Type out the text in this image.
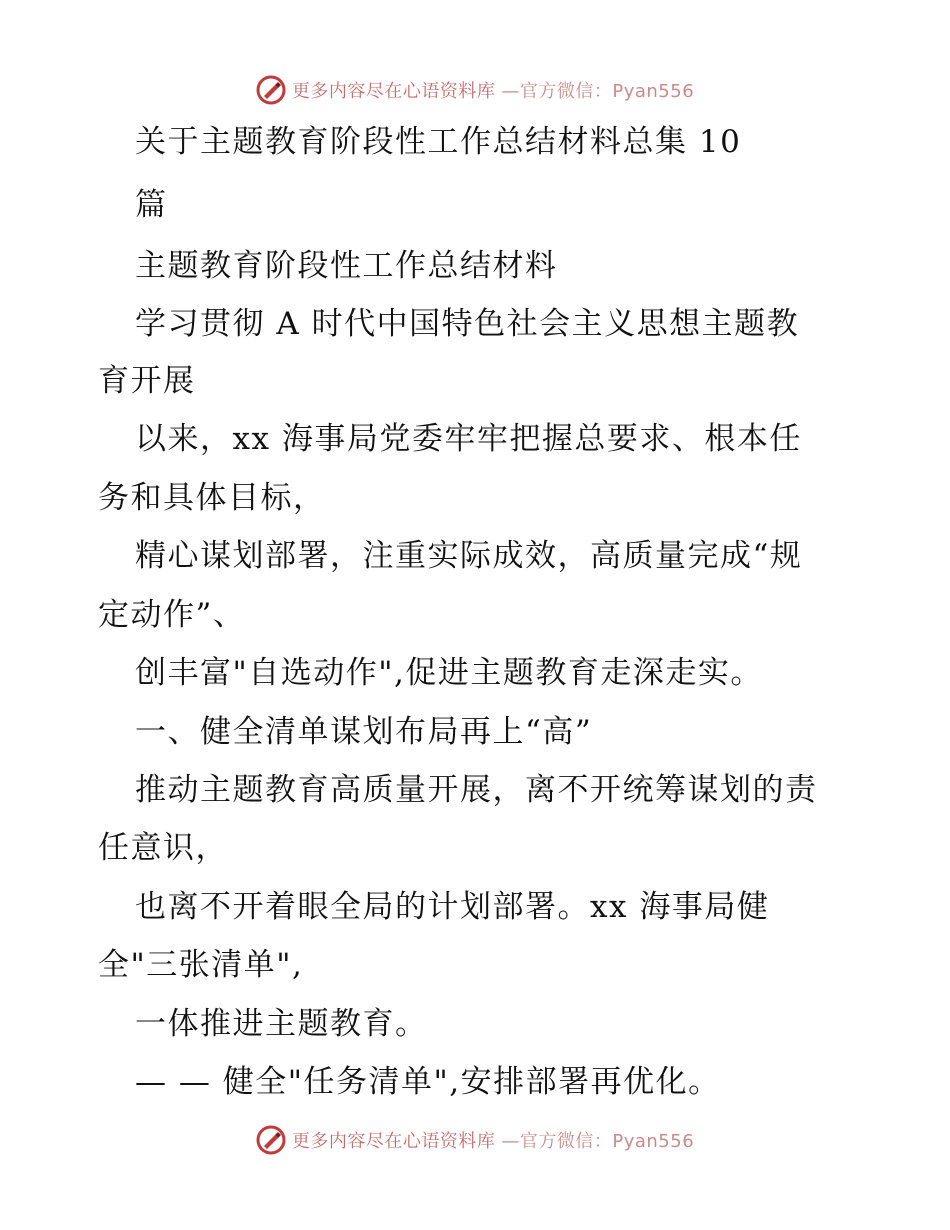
更多内容尽在心语资料库 —官方微信：Pyan556
关于主题教育阶段性工作总结材料总集 10
篇
主题教育阶段性工作总结材料
学习贯彻 A 时代中国特色社会主义思想主题教
育开展
以来，xx 海事局党委牢牢把握总要求、根本任
务和具体目标，
精心谋划部署，注重实际成效，高质量完成“规
定动作”、
创丰富"自选动作",促进主题教育走深走实。
一、健全清单谋划布局再上“高”
推动主题教育高质量开展，离不开统筹谋划的责
任意识，
也离不开着眼全局的计划部署。xx 海事局健
全"三张清单",
一体推进主题教育。
— — 健全"任务清单",安排部署再优化。
更多内容尽在心语资料库 —官方微信：Pyan556
